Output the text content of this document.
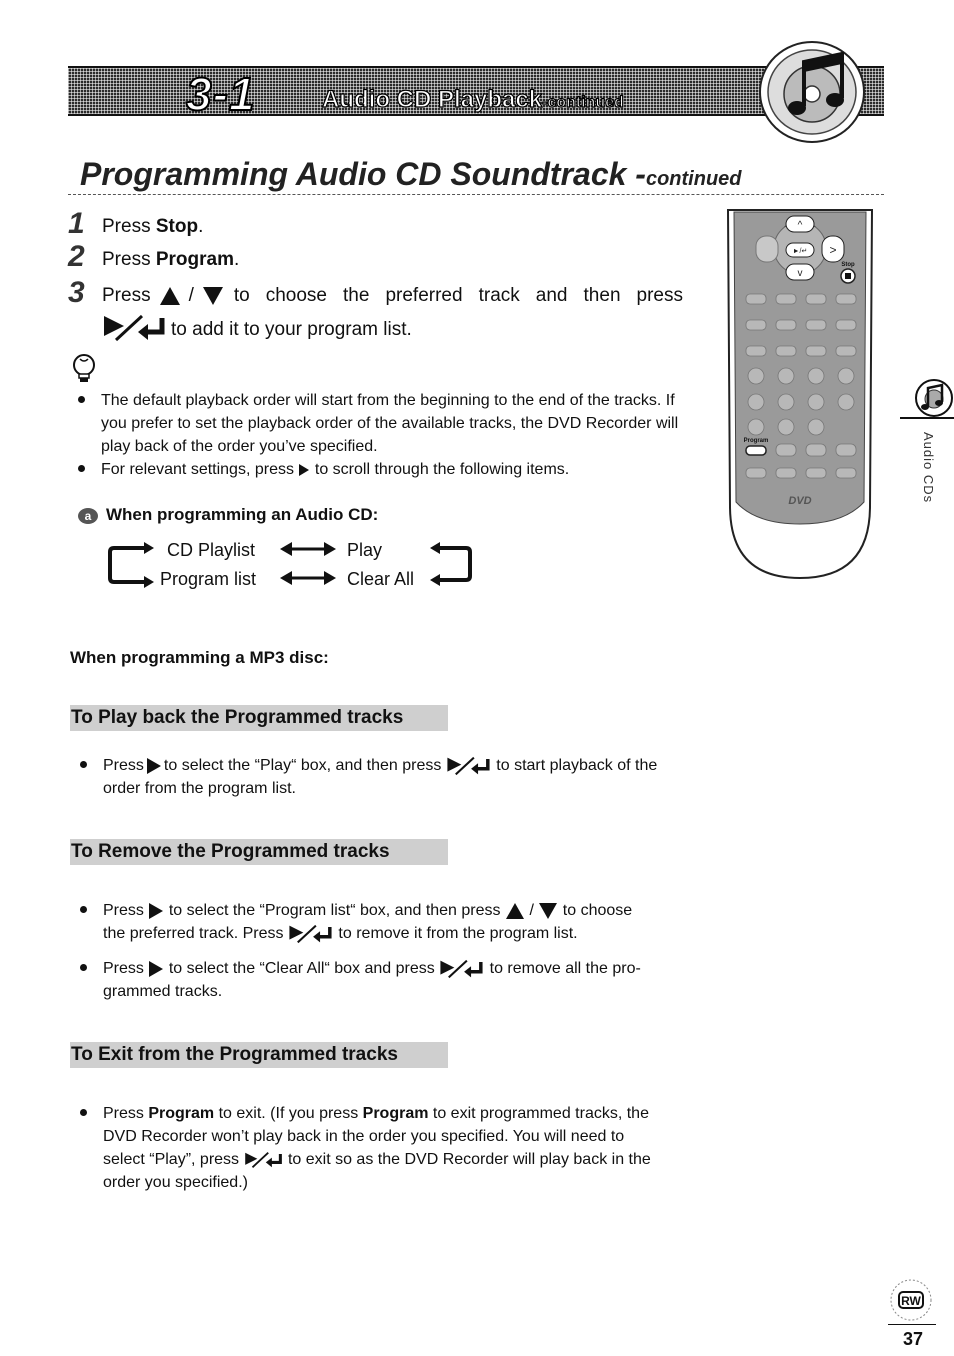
3-1	Audio CD Playback-continued
Programming Audio CD Soundtrack -continued
1 Press Stop.
2 Press Program.
3 Press / to choose the preferred track and then press
to add it to your program list.
The default playback order will start from the beginning to the end of the tracks. If you prefer to set the playback order of the available tracks, the DVD Recorder will play back of the order you’ve specified.
For relevant settings, press to scroll through the following items.
a When programming an Audio CD:
CD Playlist	Play
Program list	Clear All
When programming a MP3 disc:
To Play back the Programmed tracks
Press to select the “Play“ box, and then press	to start playback of the
order from the program list.
To Remove the Programmed tracks
Press to select the “Program list“ box, and then press / to choose
the preferred track. Press	to remove it from the program list.
Press to select the “Clear All“ box and press	to remove all the pro-
grammed tracks.
To Exit from the Programmed tracks
Press Program to exit. (If you press Program to exit programmed tracks, the
DVD Recorder won’t play back in the order you specified. You will need to
select “Play”, press	to exit so as the DVD Recorder will play back in the
order you specified.)
^
v
►/↵ >
Stop
Program
DVD	Audio CDs
RW
37
